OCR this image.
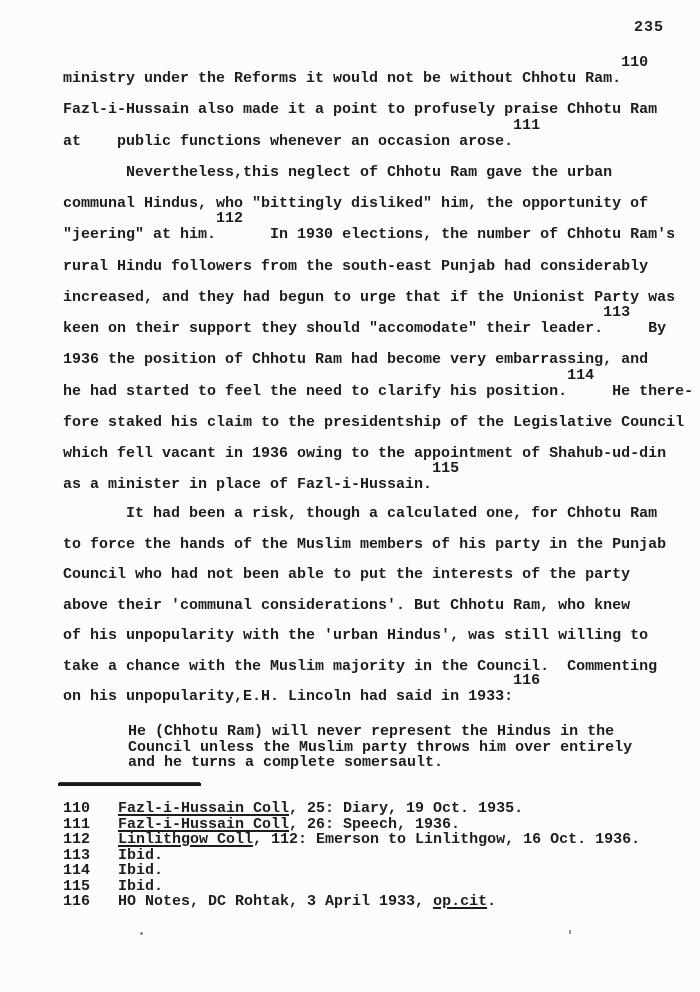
235
ministry under the Reforms it would not be without Chhotu Ram.110
Fazl-i-Hussain also made it a point to profusely praise Chhotu Ram
at    public functions whenever an occasion arose.111
Nevertheless,this neglect of Chhotu Ram gave the urban
communal Hindus, who "bittingly disliked" him, the opportunity of
"jeering" at him.112   In 1930 elections, the number of Chhotu Ram's
rural Hindu followers from the south-east Punjab had considerably
increased, and they had begun to urge that if the Unionist Party was
keen on their support they should "accomodate" their leader.113  By
1936 the position of Chhotu Ram had become very embarrassing, and
he had started to feel the need to clarify his position.114  He there-
fore staked his claim to the presidentship of the Legislative Council
which fell vacant in 1936 owing to the appointment of Shahub-ud-din
as a minister in place of Fazl-i-Hussain.115
It had been a risk, though a calculated one, for Chhotu Ram
to force the hands of the Muslim members of his party in the Punjab
Council who had not been able to put the interests of the party
above their 'communal considerations'. But Chhotu Ram, who knew
of his unpopularity with the 'urban Hindus', was still willing to
take a chance with the Muslim majority in the Council.  Commenting
on his unpopularity,E.H. Lincoln had said in 1933:116
He (Chhotu Ram) will never represent the Hindus in the
Council unless the Muslim party throws him over entirely
and he turns a complete somersault.
110 Fazl-i-Hussain Coll, 25: Diary, 19 Oct. 1935.
111 Fazl-i-Hussain Coll, 26: Speech, 1936.
112 Linlithgow Coll, 112: Emerson to Linlithgow, 16 Oct. 1936.
113 Ibid.
114 Ibid.
115 Ibid.
116 HO Notes, DC Rohtak, 3 April 1933, op.cit.
